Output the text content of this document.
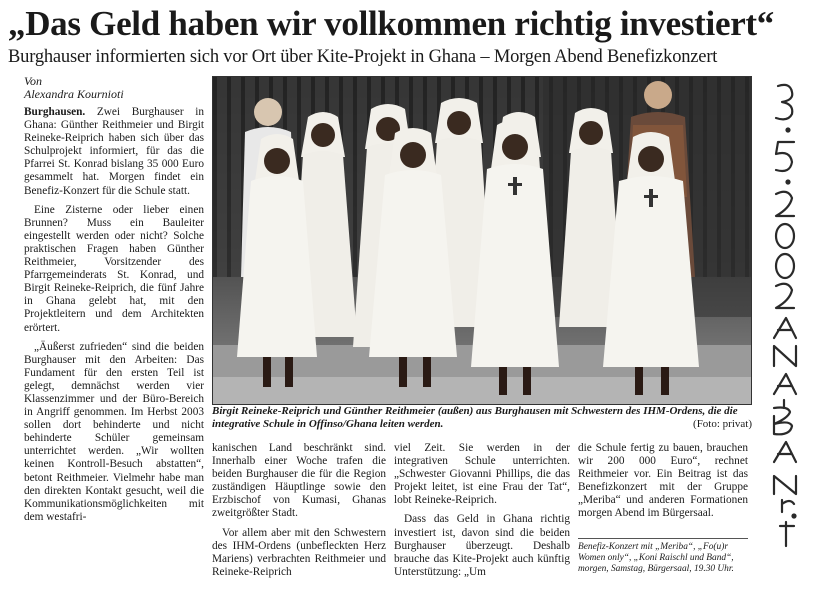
„Das Geld haben wir vollkommen richtig investiert“
Burghauser informierten sich vor Ort über Kite-Projekt in Ghana – Morgen Abend Benefizkonzert
Von
Alexandra Kournioti

Burghausen. Zwei Burghauser in Ghana: Günther Reithmeier und Birgit Reineke-Reiprich haben sich über das Schulprojekt informiert, für das die Pfarrei St. Konrad bislang 35 000 Euro gesammelt hat. Morgen findet ein Benefiz-Konzert für die Schule statt.

Eine Zisterne oder lieber einen Brunnen? Muss ein Bauleiter eingestellt werden oder nicht? Solche praktischen Fragen haben Günther Reithmeier, Vorsitzender des Pfarrgemeinderats St. Konrad, und Birgit Reineke-Reiprich, die fünf Jahre in Ghana gelebt hat, mit den Projektleitern und dem Architekten erörtert.

„Äußerst zufrieden“ sind die beiden Burghauser mit den Arbeiten: Das Fundament für den ersten Teil ist gelegt, demnächst werden vier Klassenzimmer und der Büro-Bereich in Angriff genommen. Im Herbst 2003 sollen dort behinderte und nicht behinderte Schüler gemeinsam unterrichtet werden. „Wir wollten keinen Kontroll-Besuch abstatten“, betont Reithmeier. Vielmehr habe man den direkten Kontakt gesucht, weil die Kommunikationsmöglichkeiten mit dem westafri-

Birgit Reineke-Reiprich und Günther Reithmeier (außen) aus Burghausen mit Schwestern des IHM-Ordens, die die integrative Schule in Offinso/Ghana leiten werden.	(Foto: privat)

kanischen Land beschränkt sind. Innerhalb einer Woche trafen die beiden Burghauser die für die Region zuständigen Häuptlinge sowie den Erzbischof von Kumasi, Ghanas zweitgrößter Stadt.

Vor allem aber mit den Schwestern des IHM-Ordens (unbefleckten Herz Mariens) verbrachten Reithmeier und Reineke-Reiprich

viel Zeit. Sie werden in der integrativen Schule unterrichten. „Schwester Giovanni Phillips, die das Projekt leitet, ist eine Frau der Tat“, lobt Reineke-Reiprich.

Dass das Geld in Ghana richtig investiert ist, davon sind die beiden Burghauser überzeugt. Deshalb brauche das Kite-Projekt auch künftig Unterstützung: „Um

die Schule fertig zu bauen, brauchen wir 200 000 Euro“, rechnet Reithmeier vor. Ein Beitrag ist das Benefizkonzert mit der Gruppe „Meriba“ und anderen Formationen morgen Abend im Bürgersaal.

Benefiz-Konzert mit „Meriba“, „Fo(u)r Women only“, „Koni Raischl und Band“, morgen, Samstag, Bürgersaal, 19.30 Uhr.
